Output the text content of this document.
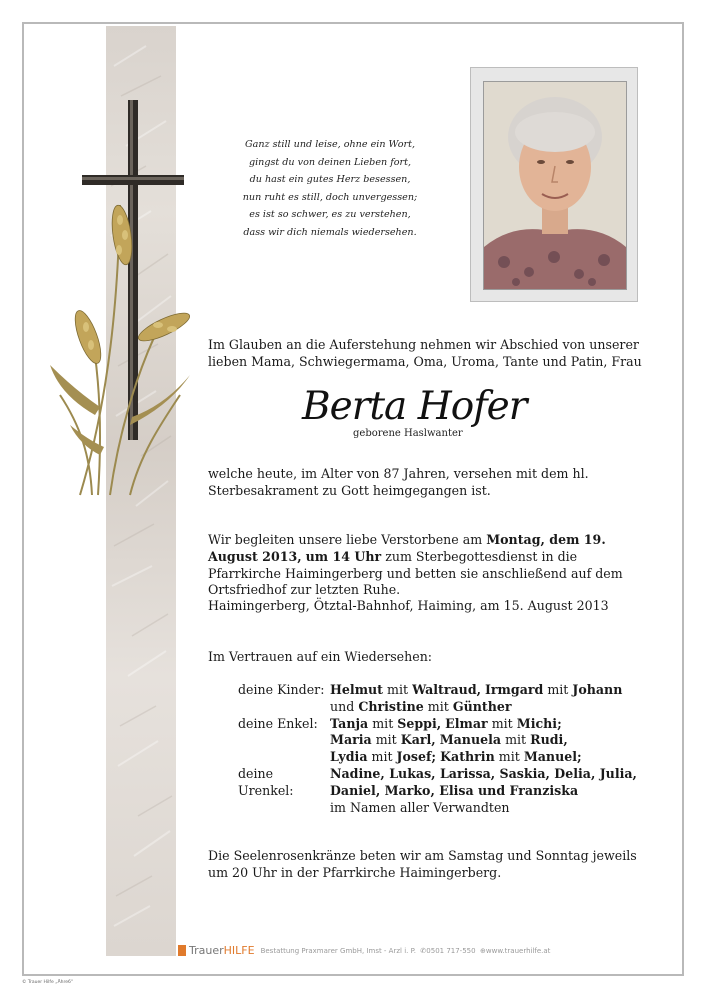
Ganz still und leise, ohne ein Wort,
gingst du von deinen Lieben fort,
du hast ein gutes Herz besessen,
nun ruht es still, doch unvergessen;
es ist so schwer, es zu verstehen,
dass wir dich niemals wiedersehen.
Im Glauben an die Auferstehung nehmen wir Abschied von unserer lieben Mama, Schwiegermama, Oma, Uroma, Tante und Patin, Frau
Berta Hofer
geborene Haslwanter
welche heute, im Alter von 87 Jahren, versehen mit dem hl. Sterbesakrament zu Gott heimgegangen ist.
Wir begleiten unsere liebe Verstorbene am Montag, dem 19. August 2013, um 14 Uhr zum Sterbegottesdienst in die Pfarrkirche Haimingerberg und betten sie anschließend auf dem Ortsfriedhof zur letzten Ruhe.
Haimingerberg, Ötztal-Bahnhof, Haiming, am 15. August 2013
Im Vertrauen auf ein Wiedersehen:
deine Kinder: Helmut mit Waltraud, Irmgard mit Johann
und Christine mit Günther
deine Enkel: Tanja mit Seppi, Elmar mit Michi;
Maria mit Karl, Manuela mit Rudi,
Lydia mit Josef; Kathrin mit Manuel;
deine Urenkel:
Nadine, Lukas, Larissa, Saskia, Delia, Julia,
Daniel, Marko, Elisa und Franziska
im Namen aller Verwandten
Die Seelenrosenkränze beten wir am Samstag und Sonntag jeweils um 20 Uhr in der Pfarrkirche Haimingerberg.
TrauerHILFE Bestattung Praxmarer GmbH, Imst - Arzl i. P.
✆ 0501 717-550
⊕ www.trauerhilfe.at
© Trauer Hilfe „Ähre6“
